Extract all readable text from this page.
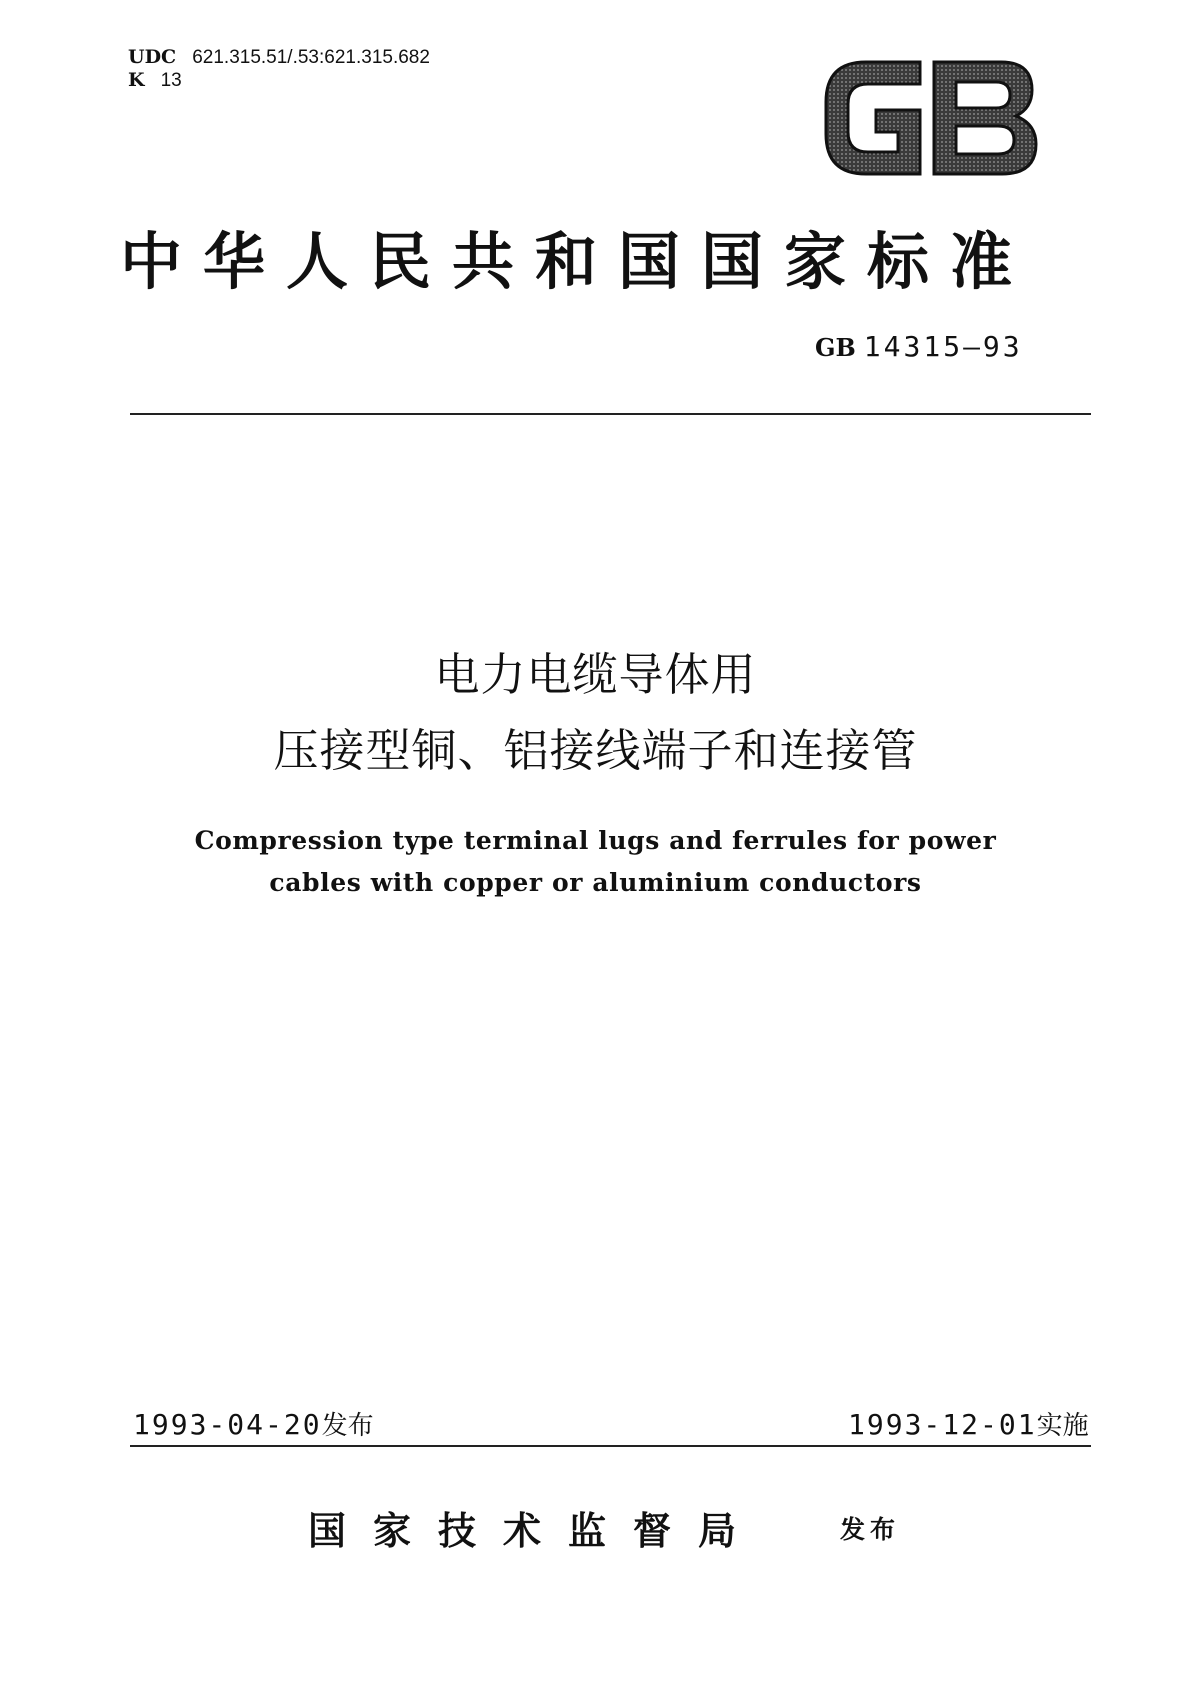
UDC 621.315.51/.53:621.315.682
K 13
中华人民共和国国家标准
GB 14315—93
电力电缆导体用
压接型铜、铝接线端子和连接管
Compression type terminal lugs and ferrules for power
cables with copper or aluminium conductors
1993-04-20发布	1993-12-01实施
国家技术监督局	发布
